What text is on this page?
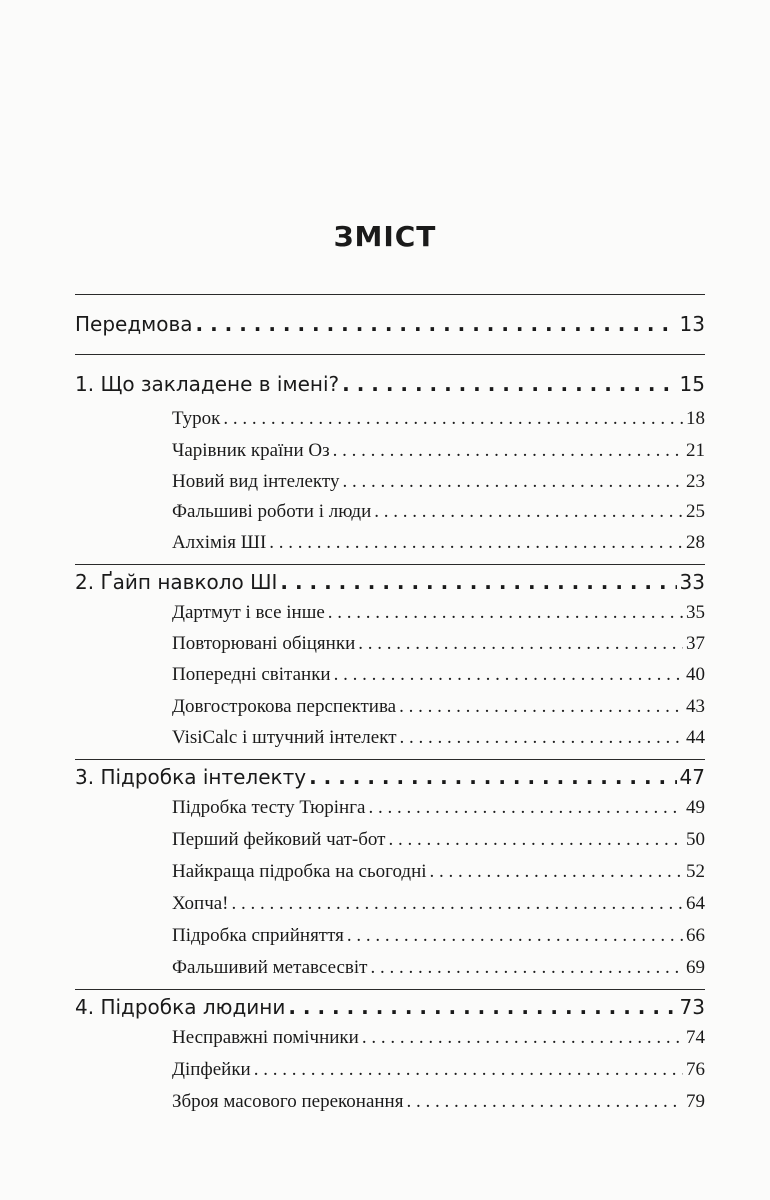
ЗМІСТ
Передмова . . .	13
1. Що закладене в імені? . . .	15
Турок . . .	18
Чарівник країни Оз . . .	21
Новий вид інтелекту . . .	23
Фальшиві роботи і люди . . .	25
Алхімія ШІ . . .	28
2. Ґайп навколо ШІ . . .	33
Дартмут і все інше . . .	35
Повторювані обіцянки . . .	37
Попередні світанки . . .	40
Довгострокова перспектива . . .	43
VisiCalc і штучний інтелект . . .	44
3. Підробка інтелекту . . .	47
Підробка тесту Тюрінга . . .	49
Перший фейковий чат-бот . . .	50
Найкраща підробка на сьогодні . . .	52
Хопча! . . .	64
Підробка сприйняття . . .	66
Фальшивий метавсесвіт . . .	69
4. Підробка людини . . .	73
Несправжні помічники . . .	74
Діпфейки . . .	76
Зброя масового переконання . . .	79
